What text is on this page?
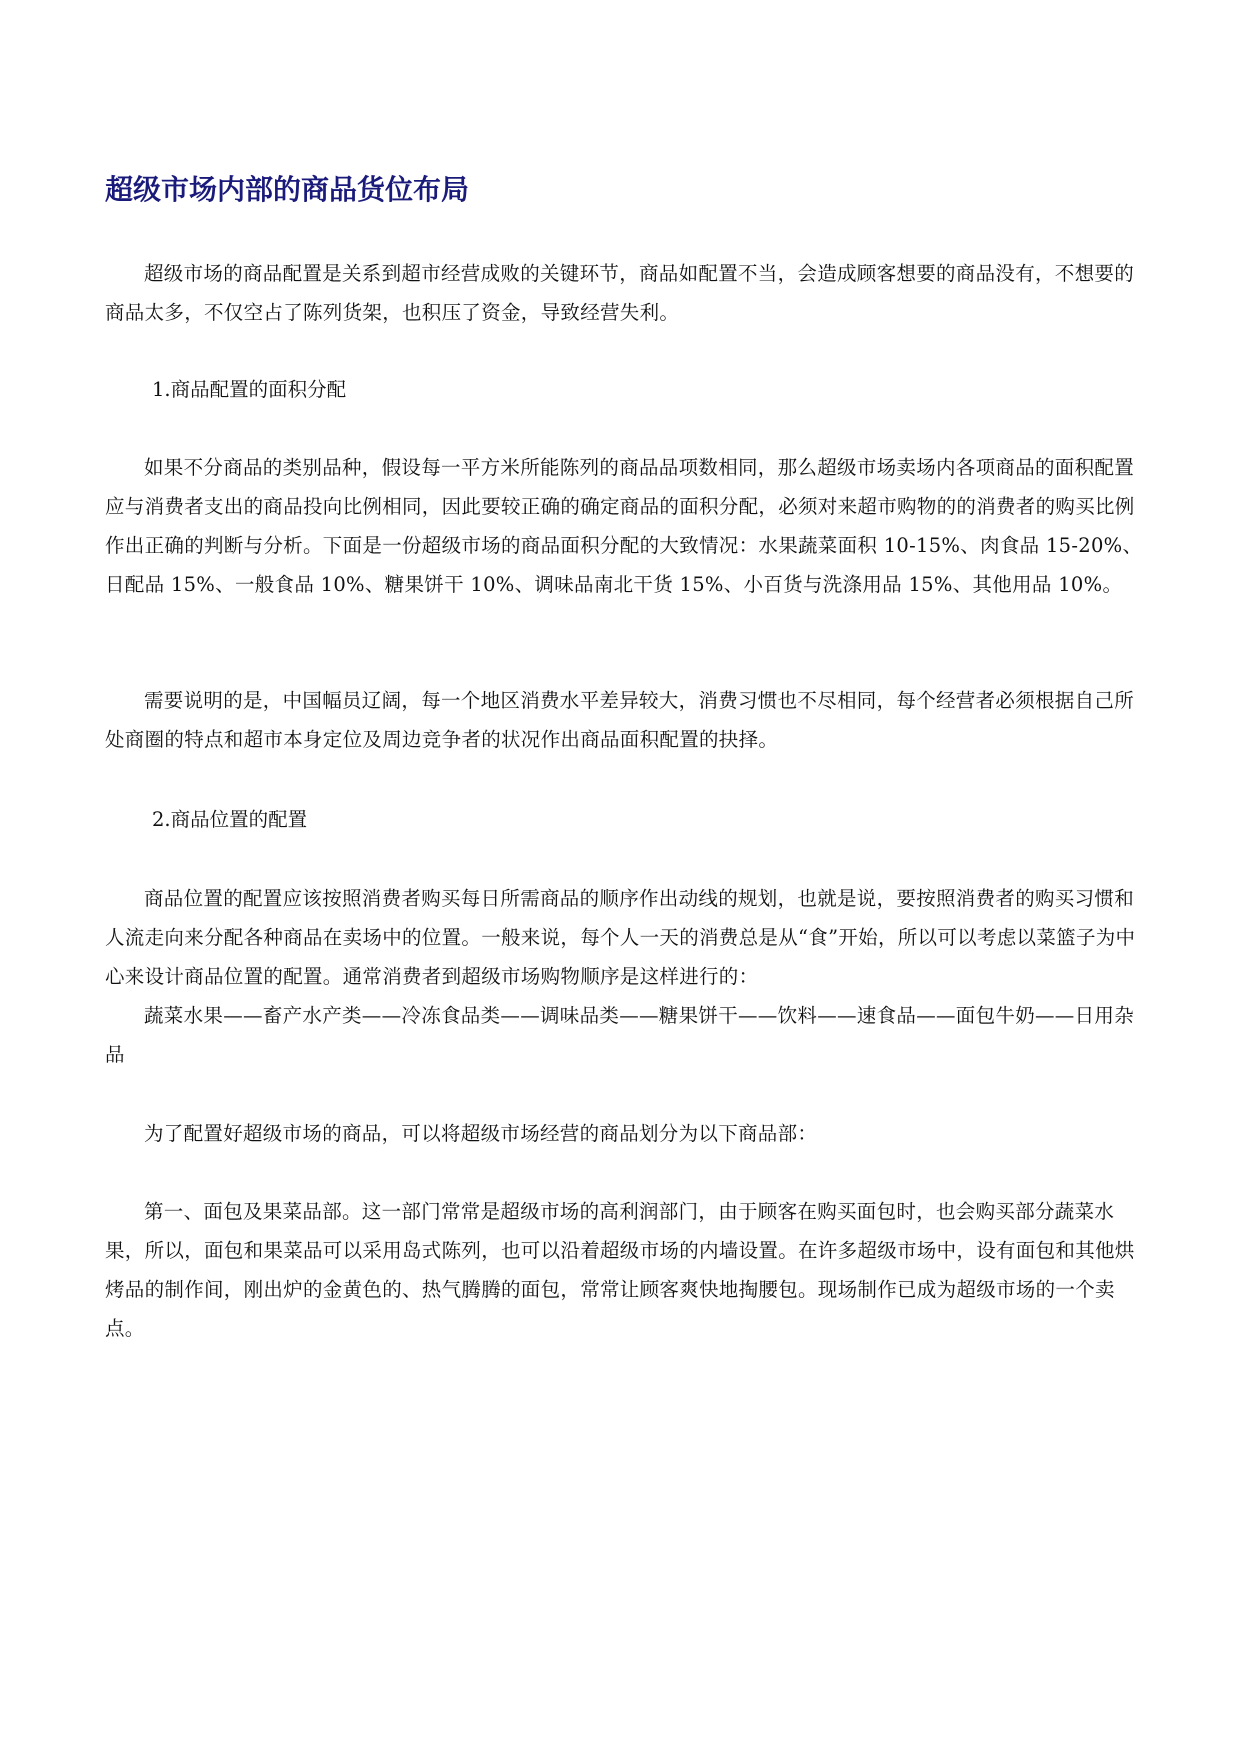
超级市场内部的商品货位布局

超级市场的商品配置是关系到超市经营成败的关键环节，商品如配置不当，会造成顾客想要的商品没有，不想要的商品太多，不仅空占了陈列货架，也积压了资金，导致经营失利。

1.商品配置的面积分配

如果不分商品的类别品种，假设每一平方米所能陈列的商品品项数相同，那么超级市场卖场内各项商品的面积配置应与消费者支出的商品投向比例相同，因此要较正确的确定商品的面积分配，必须对来超市购物的的消费者的购买比例作出正确的判断与分析。下面是一份超级市场的商品面积分配的大致情况：水果蔬菜面积 10-15%、肉食品 15-20%、日配品 15%、一般食品 10%、糖果饼干 10%、调味品南北干货 15%、小百货与洗涤用品 15%、其他用品 10%。

需要说明的是，中国幅员辽阔，每一个地区消费水平差异较大，消费习惯也不尽相同，每个经营者必须根据自己所处商圈的特点和超市本身定位及周边竞争者的状况作出商品面积配置的抉择。

2.商品位置的配置

商品位置的配置应该按照消费者购买每日所需商品的顺序作出动线的规划，也就是说，要按照消费者的购买习惯和人流走向来分配各种商品在卖场中的位置。一般来说，每个人一天的消费总是从“食”开始，所以可以考虑以菜篮子为中心来设计商品位置的配置。通常消费者到超级市场购物顺序是这样进行的：

蔬菜水果——畜产水产类——冷冻食品类——调味品类——糖果饼干——饮料——速食品——面包牛奶——日用杂品

为了配置好超级市场的商品，可以将超级市场经营的商品划分为以下商品部：

第一、面包及果菜品部。这一部门常常是超级市场的高利润部门，由于顾客在购买面包时，也会购买部分蔬菜水果，所以，面包和果菜品可以采用岛式陈列，也可以沿着超级市场的内墙设置。在许多超级市场中，设有面包和其他烘烤品的制作间，刚出炉的金黄色的、热气腾腾的面包，常常让顾客爽快地掏腰包。现场制作已成为超级市场的一个卖点。
